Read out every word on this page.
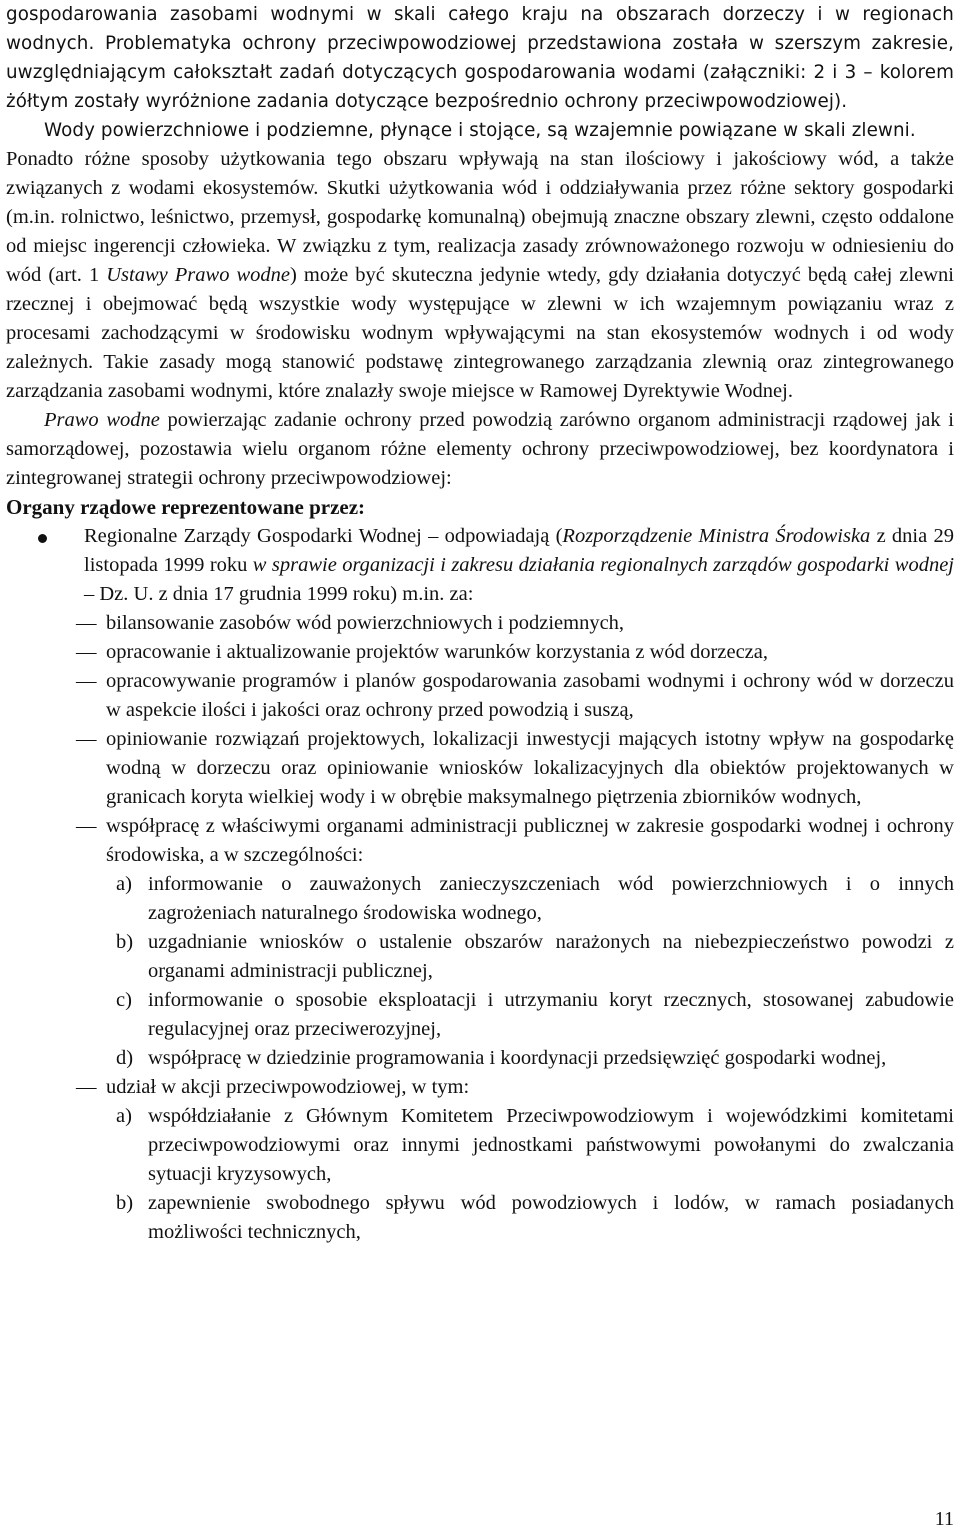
gospodarowania zasobami wodnymi w skali całego kraju na obszarach dorzeczy i w regionach wodnych. Problematyka ochrony przeciwpowodziowej przedstawiona została w szerszym zakresie, uwzględniającym całokształt zadań dotyczących gospodarowania wodami (załączniki: 2 i 3 – kolorem żółtym zostały wyróżnione zadania dotyczące bezpośrednio ochrony przeciwpowodziowej).

Wody powierzchniowe i podziemne, płynące i stojące, są wzajemnie powiązane w skali zlewni.

Ponadto różne sposoby użytkowania tego obszaru wpływają na stan ilościowy i jakościowy wód, a także związanych z wodami ekosystemów. Skutki użytkowania wód i oddziaływania przez różne sektory gospodarki (m.in. rolnictwo, leśnictwo, przemysł, gospodarkę komunalną) obejmują znaczne obszary zlewni, często oddalone od miejsc ingerencji człowieka. W związku z tym, realizacja zasady zrównoważonego rozwoju w odniesieniu do wód (art. 1 Ustawy Prawo wodne) może być skuteczna jedynie wtedy, gdy działania dotyczyć będą całej zlewni rzecznej i obejmować będą wszystkie wody występujące w zlewni w ich wzajemnym powiązaniu wraz z procesami zachodzącymi w środowisku wodnym wpływającymi na stan ekosystemów wodnych i od wody zależnych. Takie zasady mogą stanowić podstawę zintegrowanego zarządzania zlewnią oraz zintegrowanego zarządzania zasobami wodnymi, które znalazły swoje miejsce w Ramowej Dyrektywie Wodnej.

Prawo wodne powierzając zadanie ochrony przed powodzią zarówno organom administracji rządowej jak i samorządowej, pozostawia wielu organom różne elementy ochrony przeciwpowodziowej, bez koordynatora i zintegrowanej strategii ochrony przeciwpowodziowej:

Organy rządowe reprezentowane przez:

Regionalne Zarządy Gospodarki Wodnej – odpowiadają (Rozporządzenie Ministra Środowiska z dnia 29 listopada 1999 roku w sprawie organizacji i zakresu działania regionalnych zarządów gospodarki wodnej – Dz. U. z dnia 17 grudnia 1999 roku) m.in. za:
— bilansowanie zasobów wód powierzchniowych i podziemnych,
— opracowanie i aktualizowanie projektów warunków korzystania z wód dorzecza,
— opracowywanie programów i planów gospodarowania zasobami wodnymi i ochrony wód w dorzeczu w aspekcie ilości i jakości oraz ochrony przed powodzią i suszą,
— opiniowanie rozwiązań projektowych, lokalizacji inwestycji mających istotny wpływ na gospodarkę wodną w dorzeczu oraz opiniowanie wniosków lokalizacyjnych dla obiektów projektowanych w granicach koryta wielkiej wody i w obrębie maksymalnego piętrzenia zbiorników wodnych,
— współpracę z właściwymi organami administracji publicznej w zakresie gospodarki wodnej i ochrony środowiska, a w szczególności:
a) informowanie o zauważonych zanieczyszczeniach wód powierzchniowych i o innych zagrożeniach naturalnego środowiska wodnego,
b) uzgadnianie wniosków o ustalenie obszarów narażonych na niebezpieczeństwo powodzi z organami administracji publicznej,
c) informowanie o sposobie eksploatacji i utrzymaniu koryt rzecznych, stosowanej zabudowie regulacyjnej oraz przeciwerozyjnej,
d) współpracę w dziedzinie programowania i koordynacji przedsięwzięć gospodarki wodnej,
— udział w akcji przeciwpowodziowej, w tym:
a) współdziałanie z Głównym Komitetem Przeciwpowodziowym i wojewódzkimi komitetami przeciwpowodziowymi oraz innymi jednostkami państwowymi powołanymi do zwalczania sytuacji kryzysowych,
b) zapewnienie swobodnego spływu wód powodziowych i lodów, w ramach posiadanych możliwości technicznych,
11
